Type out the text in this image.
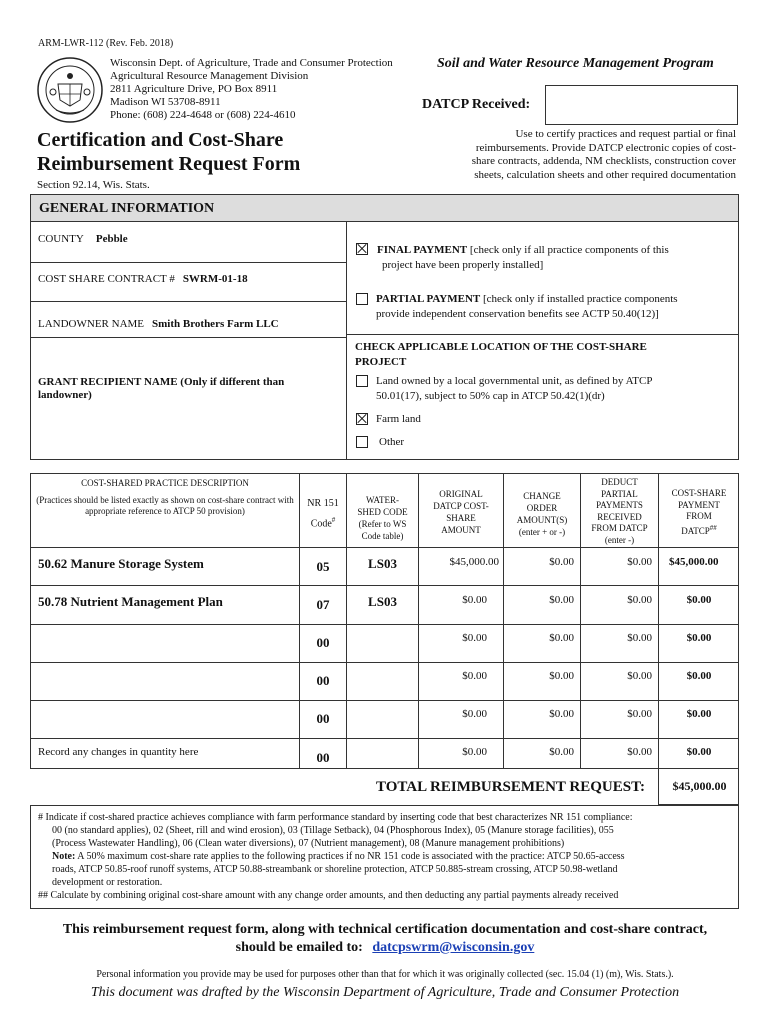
ARM-LWR-112 (Rev. Feb. 2018)
Wisconsin Dept. of Agriculture, Trade and Consumer Protection
Agricultural Resource Management Division
2811 Agriculture Drive, PO Box 8911
Madison WI 53708-8911
Phone: (608) 224-4648 or (608) 224-4610
Soil and Water Resource Management Program
DATCP Received:
Certification and Cost-Share
Reimbursement Request Form
Section 92.14, Wis. Stats.
Use to certify practices and request partial or final
reimbursements. Provide DATCP electronic copies of cost-
share contracts, addenda, NM checklists, construction cover
sheets, calculation sheets and other required documentation
GENERAL INFORMATION
COUNTY Pebble
COST SHARE CONTRACT # SWRM-01-18
LANDOWNER NAME Smith Brothers Farm LLC
GRANT RECIPIENT NAME (Only if different than
landowner)
FINAL PAYMENT [check only if all practice components of this
project have been properly installed]
PARTIAL PAYMENT [check only if installed practice components
provide independent conservation benefits see ACTP 50.40(12)]
CHECK APPLICABLE LOCATION OF THE COST-SHARE
PROJECT
Land owned by a local governmental unit, as defined by ATCP
50.01(17), subject to 50% cap in ATCP 50.42(1)(dr)
Farm land
Other
COST-SHARED PRACTICE DESCRIPTION
(Practices should be listed exactly as shown on cost-share contract with
appropriate reference to ATCP 50 provision)
NR 151
Code#
WATER-
SHED CODE
(Refer to WS
Code table)
ORIGINAL
DATCP COST-
SHARE
AMOUNT
CHANGE
ORDER
AMOUNT(S)
(enter + or -)
DEDUCT
PARTIAL
PAYMENTS
RECEIVED
FROM DATCP
(enter -)
COST-SHARE
PAYMENT
FROM
DATCP##
50.62 Manure Storage System	05	LS03	$45,000.00	$0.00	$0.00 $45,000.00
50.78 Nutrient Management Plan	07	LS03	$0.00	$0.00	$0.00	$0.00
00	$0.00	$0.00	$0.00	$0.00
00	$0.00	$0.00	$0.00	$0.00
00	$0.00	$0.00	$0.00	$0.00
Record any changes in quantity here	00	$0.00	$0.00	$0.00	$0.00
TOTAL REIMBURSEMENT REQUEST:	$45,000.00
# Indicate if cost-shared practice achieves compliance with farm performance standard by inserting code that best characterizes NR 151 compliance:
00 (no standard applies), 02 (Sheet, rill and wind erosion), 03 (Tillage Setback), 04 (Phosphorous Index), 05 (Manure storage facilities), 055
(Process Wastewater Handling), 06 (Clean water diversions), 07 (Nutrient management), 08 (Manure management prohibitions)
Note: A 50% maximum cost-share rate applies to the following practices if no NR 151 code is associated with the practice: ATCP 50.65-access
roads, ATCP 50.85-roof runoff systems, ATCP 50.88-streambank or shoreline protection, ATCP 50.885-stream crossing, ATCP 50.98-wetland
development or restoration.
## Calculate by combining original cost-share amount with any change order amounts, and then deducting any partial payments already received
This reimbursement request form, along with technical certification documentation and cost-share contract,
should be emailed to: datcpswrm@wisconsin.gov
Personal information you provide may be used for purposes other than that for which it was originally collected (sec. 15.04 (1) (m), Wis. Stats.).
This document was drafted by the Wisconsin Department of Agriculture, Trade and Consumer Protection
